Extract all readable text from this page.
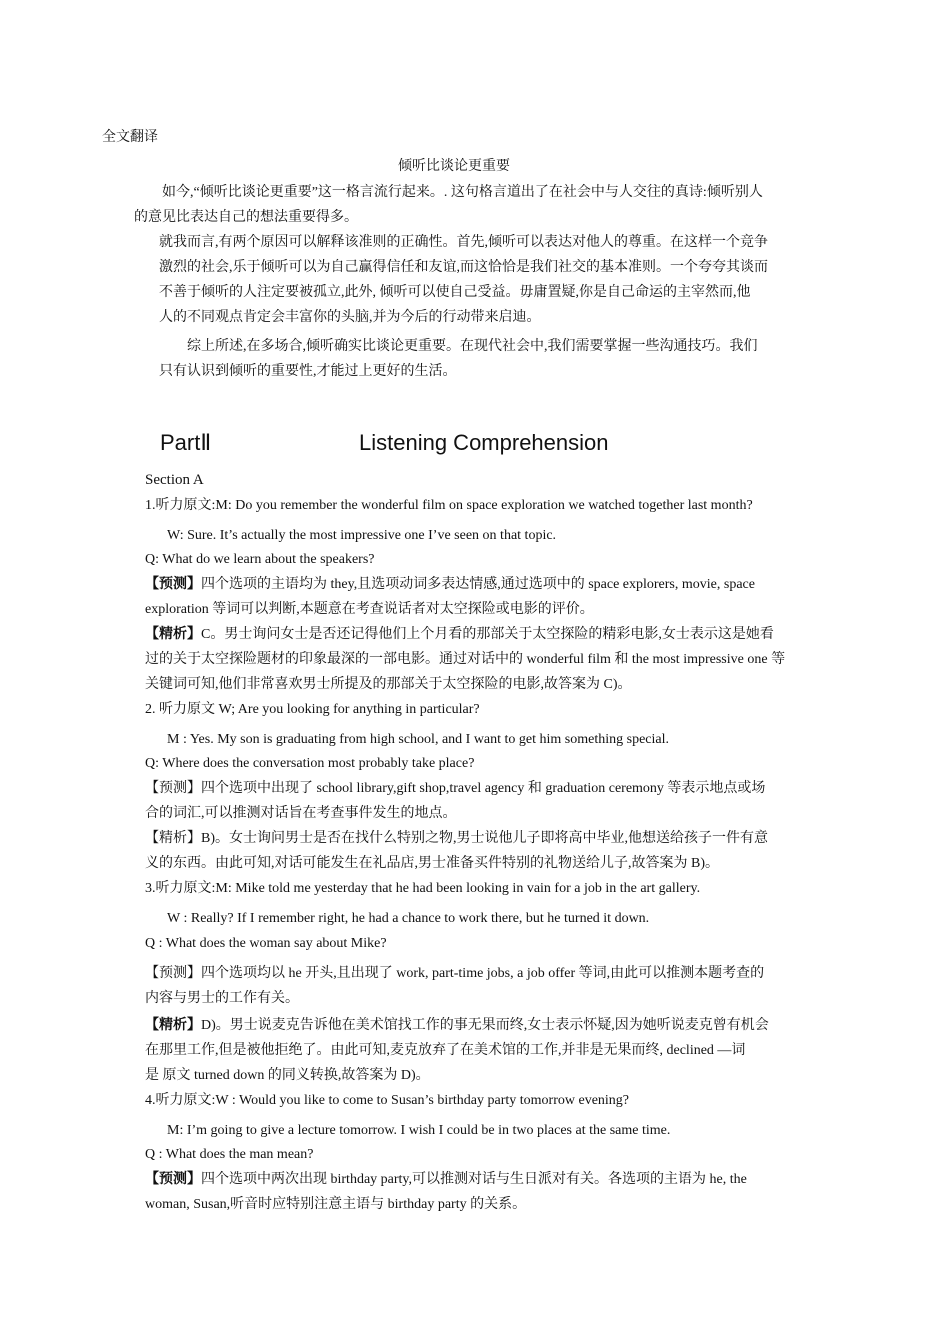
全文翻译
倾听比谈论更重要
如今,“倾听比谈论更重要”这一格言流行起来。. 这句格言道出了在社会中与人交往的真诗:倾听别人
的意见比表达自己的想法重要得多。
就我而言,有两个原因可以解释该准则的正确性。首先,倾听可以表达对他人的尊重。在这样一个竞争
激烈的社会,乐于倾听可以为自己赢得信任和友谊,而这恰恰是我们社交的基本准则。一个夸夸其谈而
不善于倾听的人注定要被孤立,此外, 倾听可以使自己受益。毋庸置疑,你是自己命运的主宰然而,他
人的不同观点肯定会丰富你的头脑,并为今后的行动带来启迪。
综上所述,在多场合,倾听确实比谈论更重要。在现代社会中,我们需要掌握一些沟通技巧。我们
只有认识到倾听的重要性,才能过上更好的生活。
PartⅡ	Listening Comprehension
Section A
1.听力原文:M: Do you remember the wonderful film on space exploration we watched together last month?
W: Sure. It’s actually the most impressive one I’ve seen on that topic.
Q: What do we learn about the speakers?
【预测】四个选项的主语均为 they,且选项动词多表达情感,通过选项中的 space explorers, movie, space
exploration 等词可以判断,本题意在考查说话者对太空探险或电影的评价。
【精析】C。男士询问女士是否还记得他们上个月看的那部关于太空探险的精彩电影,女士表示这是她看
过的关于太空探险题材的印象最深的一部电影。通过对话中的 wonderful film 和 the most impressive one 等
关键词可知,他们非常喜欢男士所提及的那部关于太空探险的电影,故答案为 C)。
2. 听力原文 W; Are you looking for anything in particular?
M : Yes. My son is graduating from high school, and I want to get him something special.
Q: Where does the conversation most probably take place?
【预测】四个选项中出现了 school library,gift shop,travel agency 和 graduation ceremony 等表示地点或场
合的词汇,可以推测对话旨在考查事件发生的地点。
【精析】B)。女士询问男士是否在找什么特别之物,男士说他儿子即将高中毕业,他想送给孩子一件有意
义的东西。由此可知,对话可能发生在礼品店,男士准备买件特别的礼物送给儿子,故答案为 B)。
3.听力原文:M: Mike told me yesterday that he had been looking in vain for a job in the art gallery.
W : Really? If I remember right, he had a chance to work there, but he turned it down.
Q : What does the woman say about Mike?
【预测】四个选项均以 he 开头,且出现了 work, part-time jobs, a job offer 等词,由此可以推测本题考查的
内容与男士的工作有关。
【精析】D)。男士说麦克告诉他在美术馆找工作的事无果而终,女士表示怀疑,因为她听说麦克曾有机会
在那里工作,但是被他拒绝了。由此可知,麦克放弃了在美术馆的工作,并非是无果而终, declined —词
是 原文 turned down 的同义转换,故答案为 D)。
4.听力原文:W : Would you like to come to Susan’s birthday party tomorrow evening?
M: I’m going to give a lecture tomorrow. I wish I could be in two places at the same time.
Q : What does the man mean?
【预测】四个选项中两次出现 birthday party,可以推测对话与生日派对有关。各选项的主语为 he, the
woman, Susan,听音时应特别注意主语与 birthday party 的关系。
